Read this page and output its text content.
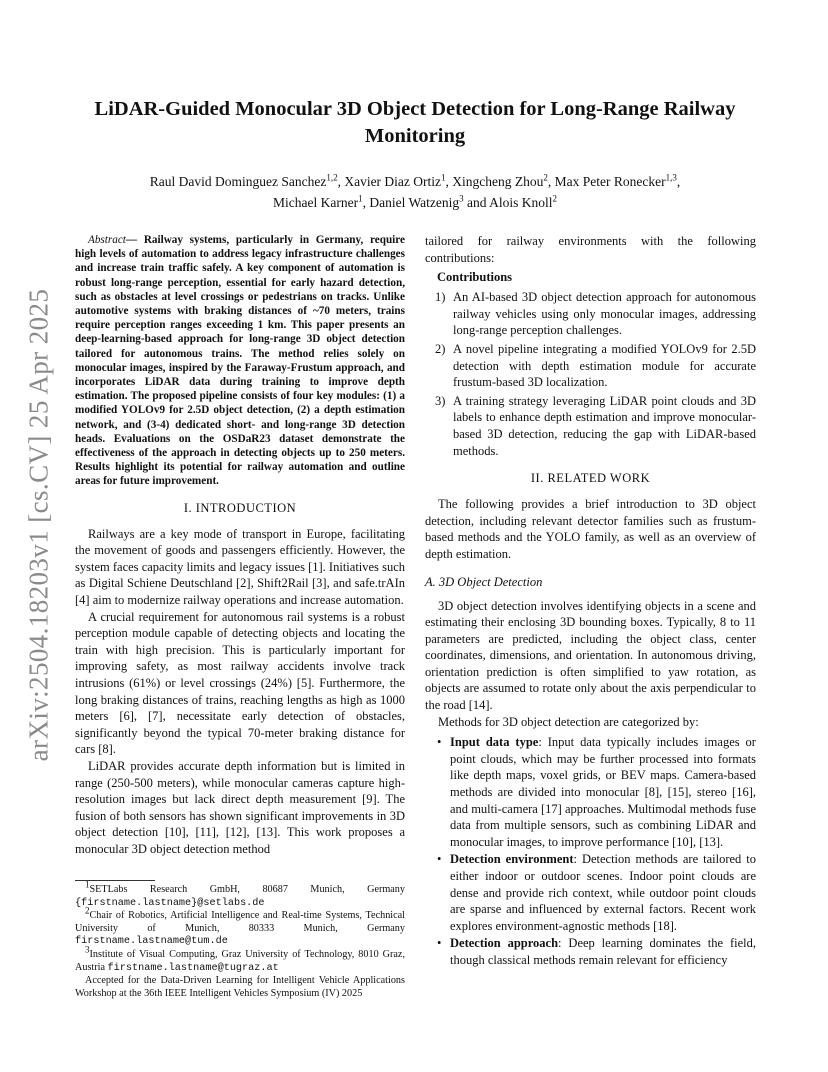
arXiv:2504.18203v1 [cs.CV] 25 Apr 2025
LiDAR-Guided Monocular 3D Object Detection for Long-Range Railway Monitoring
Raul David Dominguez Sanchez$^{1,2}$, Xavier Diaz Ortiz$^1$, Xingcheng Zhou$^2$, Max Peter Ronecker$^{1,3}$,
Michael Karner$^1$, Daniel Watzenig$^3$ and Alois Knoll$^2$

Abstract— Railway systems, particularly in Germany, require high levels of automation to address legacy infrastructure challenges and increase train traffic safely. A key component of automation is robust long-range perception, essential for early hazard detection, such as obstacles at level crossings or pedestrians on tracks. Unlike automotive systems with braking distances of ~70 meters, trains require perception ranges exceeding 1 km. This paper presents an deep-learning-based approach for long-range 3D object detection tailored for autonomous trains. The method relies solely on monocular images, inspired by the Faraway-Frustum approach, and incorporates LiDAR data during training to improve depth estimation. The proposed pipeline consists of four key modules: (1) a modified YOLOv9 for 2.5D object detection, (2) a depth estimation network, and (3-4) dedicated short- and long-range 3D detection heads. Evaluations on the OSDaR23 dataset demonstrate the effectiveness of the approach in detecting objects up to 250 meters. Results highlight its potential for railway automation and outline areas for future improvement.

I. INTRODUCTION

Railways are a key mode of transport in Europe, facilitating the movement of goods and passengers efficiently. However, the system faces capacity limits and legacy issues [1]. Initiatives such as Digital Schiene Deutschland [2], Shift2Rail [3], and safe.trAIn [4] aim to modernize railway operations and increase automation.

A crucial requirement for autonomous rail systems is a robust perception module capable of detecting objects and locating the train with high precision. This is particularly important for improving safety, as most railway accidents involve track intrusions (61%) or level crossings (24%) [5]. Furthermore, the long braking distances of trains, reaching lengths as high as 1000 meters [6], [7], necessitate early detection of obstacles, significantly beyond the typical 70-meter braking distance for cars [8].

LiDAR provides accurate depth information but is limited in range (250-500 meters), while monocular cameras capture high-resolution images but lack direct depth measurement [9]. The fusion of both sensors has shown significant improvements in 3D object detection [10], [11], [12], [13]. This work proposes a monocular 3D object detection method

$^1$SETLabs Research GmbH, 80687 Munich, Germany {firstname.lastname}@setlabs.de

$^2$Chair of Robotics, Artificial Intelligence and Real-time Systems, Technical University of Munich, 80333 Munich, Germany firstname.lastname@tum.de

$^3$Institute of Visual Computing, Graz University of Technology, 8010 Graz, Austria firstname.lastname@tugraz.at

Accepted for the Data-Driven Learning for Intelligent Vehicle Applications Workshop at the 36th IEEE Intelligent Vehicles Symposium (IV) 2025

tailored for railway environments with the following contributions:

Contributions
1) An AI-based 3D object detection approach for autonomous railway vehicles using only monocular images, addressing long-range perception challenges.
2) A novel pipeline integrating a modified YOLOv9 for 2.5D detection with depth estimation module for accurate frustum-based 3D localization.
3) A training strategy leveraging LiDAR point clouds and 3D labels to enhance depth estimation and improve monocular-based 3D detection, reducing the gap with LiDAR-based methods.
II. RELATED WORK

The following provides a brief introduction to 3D object detection, including relevant detector families such as frustum-based methods and the YOLO family, as well as an overview of depth estimation.

A. 3D Object Detection

3D object detection involves identifying objects in a scene and estimating their enclosing 3D bounding boxes. Typically, 8 to 11 parameters are predicted, including the object class, center coordinates, dimensions, and orientation. In autonomous driving, orientation prediction is often simplified to yaw rotation, as objects are assumed to rotate only about the axis perpendicular to the road [14].

Methods for 3D object detection are categorized by:

• Input data type: Input data typically includes images or point clouds, which may be further processed into formats like depth maps, voxel grids, or BEV maps. Camera-based methods are divided into monocular [8], [15], stereo [16], and multi-camera [17] approaches. Multimodal methods fuse data from multiple sensors, such as combining LiDAR and monocular images, to improve performance [10], [13].
• Detection environment: Detection methods are tailored to either indoor or outdoor scenes. Indoor point clouds are dense and provide rich context, while outdoor point clouds are sparse and influenced by external factors. Recent work explores environment-agnostic methods [18].
• Detection approach: Deep learning dominates the field, though classical methods remain relevant for efficiency
